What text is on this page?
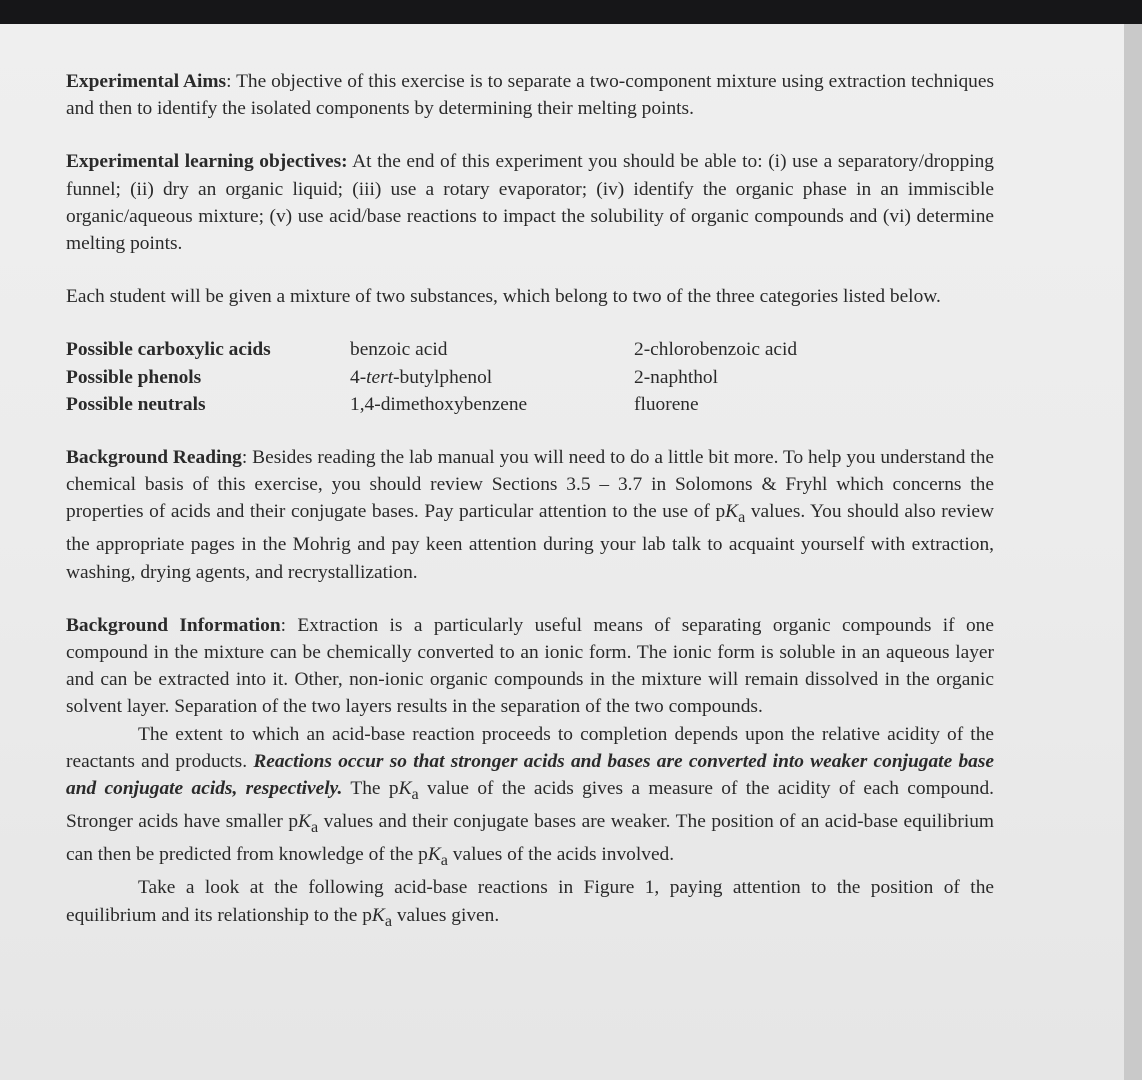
Experimental Aims: The objective of this exercise is to separate a two-component mixture using extraction techniques and then to identify the isolated components by determining their melting points.

Experimental learning objectives: At the end of this experiment you should be able to: (i) use a separatory/dropping funnel; (ii) dry an organic liquid; (iii) use a rotary evaporator; (iv) identify the organic phase in an immiscible organic/aqueous mixture; (v) use acid/base reactions to impact the solubility of organic compounds and (vi) determine melting points.

Each student will be given a mixture of two substances, which belong to two of the three categories listed below.

Possible carboxylic acids	benzoic acid	2-chlorobenzoic acid
Possible phenols	4-tert-butylphenol	2-naphthol
Possible neutrals	1,4-dimethoxybenzene	fluorene

Background Reading: Besides reading the lab manual you will need to do a little bit more. To help you understand the chemical basis of this exercise, you should review Sections 3.5 – 3.7 in Solomons & Fryhl which concerns the properties of acids and their conjugate bases. Pay particular attention to the use of $pK_a$ values. You should also review the appropriate pages in the Mohrig and pay keen attention during your lab talk to acquaint yourself with extraction, washing, drying agents, and recrystallization.

Background Information: Extraction is a particularly useful means of separating organic compounds if one compound in the mixture can be chemically converted to an ionic form. The ionic form is soluble in an aqueous layer and can be extracted into it. Other, non-ionic organic compounds in the mixture will remain dissolved in the organic solvent layer. Separation of the two layers results in the separation of the two compounds.

The extent to which an acid-base reaction proceeds to completion depends upon the relative acidity of the reactants and products. Reactions occur so that stronger acids and bases are converted into weaker conjugate base and conjugate acids, respectively. The $pK_a$ value of the acids gives a measure of the acidity of each compound. Stronger acids have smaller $pK_a$ values and their conjugate bases are weaker. The position of an acid-base equilibrium can then be predicted from knowledge of the $pK_a$ values of the acids involved.

Take a look at the following acid-base reactions in Figure 1, paying attention to the position of the equilibrium and its relationship to the $pK_a$ values given.
